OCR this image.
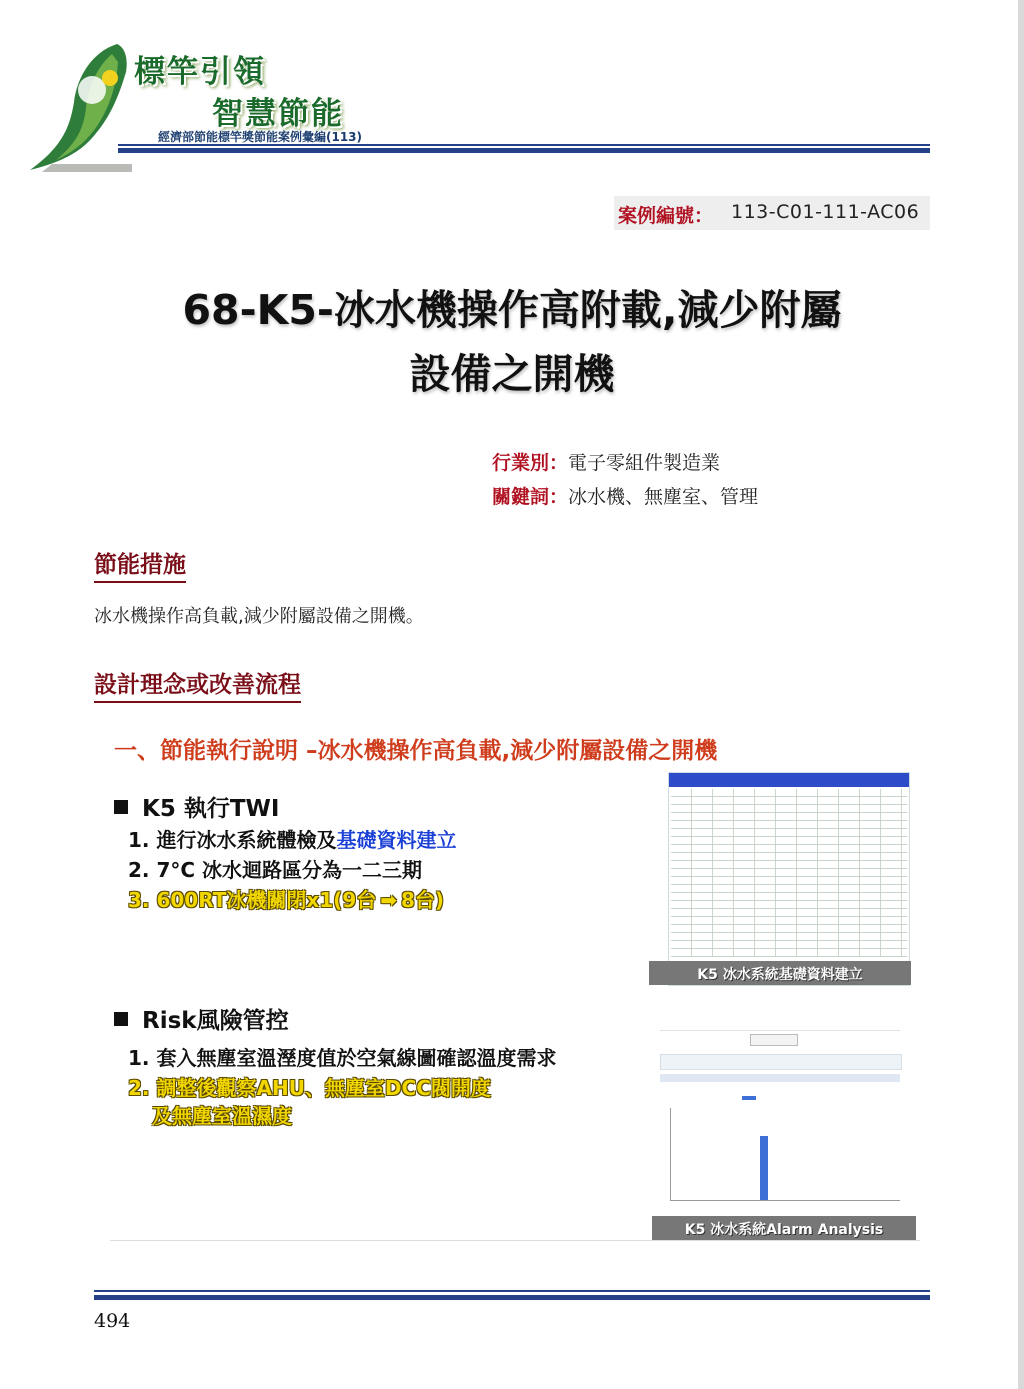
標竿引領
智慧節能
經濟部節能標竿獎節能案例彙編(113)
案例編號： 113-C01-111-AC06
68-K5-冰水機操作高附載,減少附屬
設備之開機
行業別：電子零組件製造業
關鍵詞：冰水機、無塵室、管理
節能措施
冰水機操作高負載,減少附屬設備之開機。
設計理念或改善流程
一、節能執行說明 –冰水機操作高負載,減少附屬設備之開機
K5 執行TWI
1. 進行冰水系統體檢及基礎資料建立
2. 7°C 冰水迴路區分為一二三期
3. 600RT冰機關閉x1(9台 ➡ 8台)
Risk風險管控
1. 套入無塵室溫溼度值於空氣線圖確認溫度需求
2. 調整後觀察AHU、無塵室DCC閥開度
及無塵室溫濕度
K5 冰水系統基礎資料建立
K5 冰水系統Alarm Analysis
494
